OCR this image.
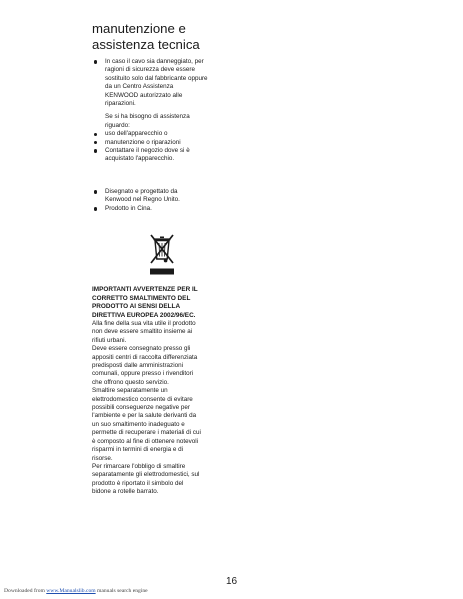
manutenzione e
assistenza tecnica
In caso il cavo sia danneggiato, per
ragioni di sicurezza deve essere
sostituito solo dal fabbricante oppure
da un Centro Assistenza
KENWOOD autorizzato alle
riparazioni.

Se si ha bisogno di assistenza
riguardo:

uso dell'apparecchio o
manutenzione o riparazioni
Contattare il negozio dove si è
acquistato l'apparecchio.
Disegnato e progettato da
Kenwood nel Regno Unito.
Prodotto in Cina.

IMPORTANTI AVVERTENZE PER IL
CORRETTO SMALTIMENTO DEL
PRODOTTO AI SENSI DELLA
DIRETTIVA EUROPEA 2002/96/EC.

Alla fine della sua vita utile il prodotto
non deve essere smaltito insieme ai
rifiuti urbani.

Deve essere consegnato presso gli
appositi centri di raccolta differenziata
predisposti dalle amministrazioni
comunali, oppure presso i rivenditori
che offrono questo servizio.

Smaltire separatamente un
elettrodomestico consente di evitare
possibili conseguenze negative per
l'ambiente e per la salute derivanti da
un suo smaltimento inadeguato e
permette di recuperare i materiali di cui
è composto al fine di ottenere notevoli
risparmi in termini di energia e di
risorse.

Per rimarcare l'obbligo di smaltire
separatamente gli elettrodomestici, sul
prodotto è riportato il simbolo del
bidone a rotelle barrato.

16
Downloaded from www.Manualslib.com manuals search engine
